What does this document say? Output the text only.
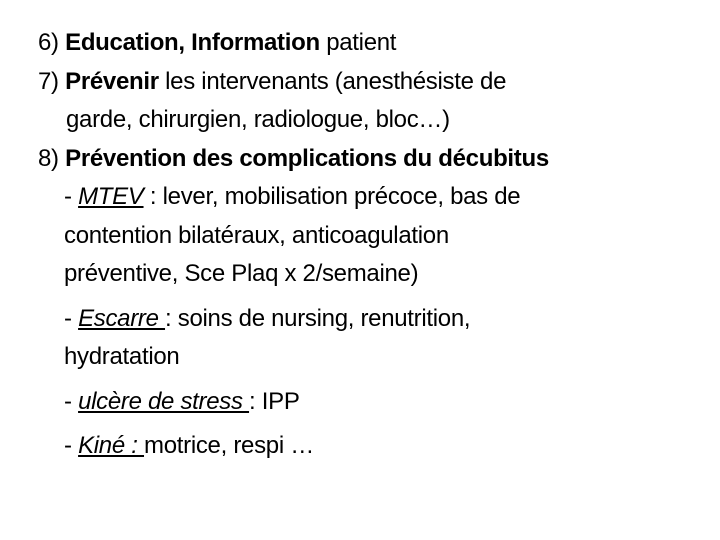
6) Education, Information patient
7) Prévenir les intervenants (anesthésiste de
garde, chirurgien, radiologue, bloc…)
8) Prévention des complications du décubitus
- MTEV : lever, mobilisation précoce, bas de
contention bilatéraux, anticoagulation
préventive, Sce Plaq x 2/semaine)
- Escarre : soins de nursing, renutrition,
hydratation
- ulcère de stress : IPP
- Kiné : motrice, respi …
